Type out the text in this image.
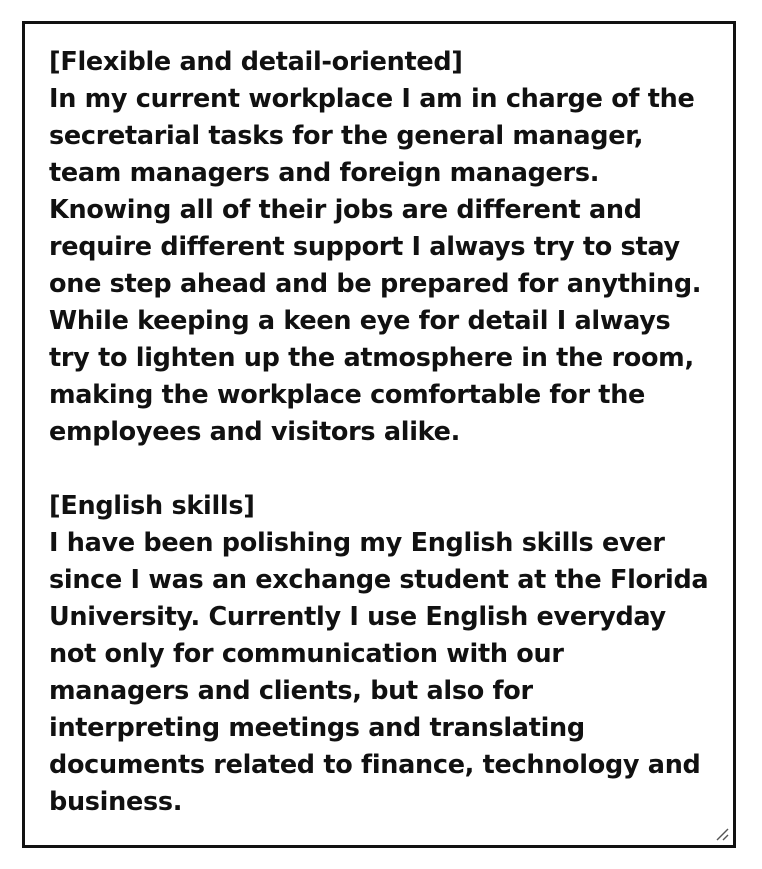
[Flexible and detail-oriented]
In my current workplace I am in charge of the
secretarial tasks for the general manager,
team managers and foreign managers.
Knowing all of their jobs are different and
require different support I always try to stay
one step ahead and be prepared for anything.
While keeping a keen eye for detail I always
try to lighten up the atmosphere in the room,
making the workplace comfortable for the
employees and visitors alike.
[English skills]
I have been polishing my English skills ever
since I was an exchange student at the Florida
University. Currently I use English everyday
not only for communication with our
managers and clients, but also for
interpreting meetings and translating
documents related to finance, technology and
business.
